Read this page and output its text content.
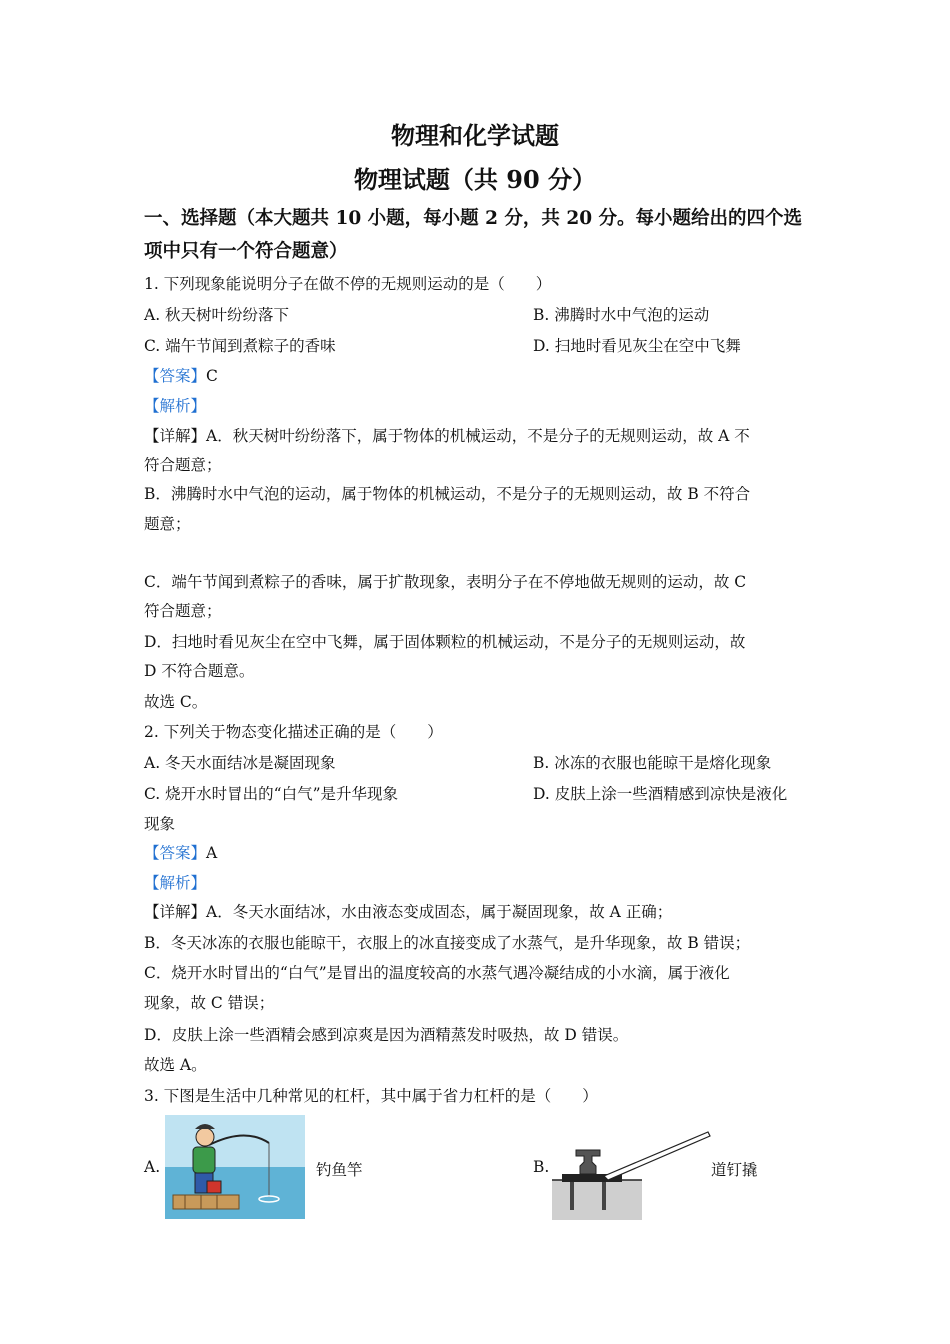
物理和化学试题
物理试题（共 90 分）
一、选择题（本大题共 10 小题，每小题 2 分，共 20 分。每小题给出的四个选项中只有一个符合题意）
1. 下列现象能说明分子在做不停的无规则运动的是（　　）
A. 秋天树叶纷纷落下	B. 沸腾时水中气泡的运动
C. 端午节闻到煮粽子的香味	D. 扫地时看见灰尘在空中飞舞
【答案】C
【解析】
【详解】A．秋天树叶纷纷落下，属于物体的机械运动，不是分子的无规则运动，故 A 不
符合题意；
B．沸腾时水中气泡的运动，属于物体的机械运动，不是分子的无规则运动，故 B 不符合
题意；
C．端午节闻到煮粽子的香味，属于扩散现象，表明分子在不停地做无规则的运动，故 C
符合题意；
D．扫地时看见灰尘在空中飞舞，属于固体颗粒的机械运动，不是分子的无规则运动，故
D 不符合题意。
故选 C。
2. 下列关于物态变化描述正确的是（　　）
A. 冬天水面结冰是凝固现象	B. 冰冻的衣服也能晾干是熔化现象
C. 烧开水时冒出的“白气”是升华现象	D. 皮肤上涂一些酒精感到凉快是液化
现象
【答案】A
【解析】
【详解】A．冬天水面结冰，水由液态变成固态，属于凝固现象，故 A 正确；
B．冬天冰冻的衣服也能晾干，衣服上的冰直接变成了水蒸气，是升华现象，故 B 错误；
C．烧开水时冒出的“白气”是冒出的温度较高的水蒸气遇冷凝结成的小水滴，属于液化
现象，故 C 错误；
D．皮肤上涂一些酒精会感到凉爽是因为酒精蒸发时吸热，故 D 错误。
故选 A。
3. 下图是生活中几种常见的杠杆，其中属于省力杠杆的是（　　）
A.	钓鱼竿	B.	道钉撬
